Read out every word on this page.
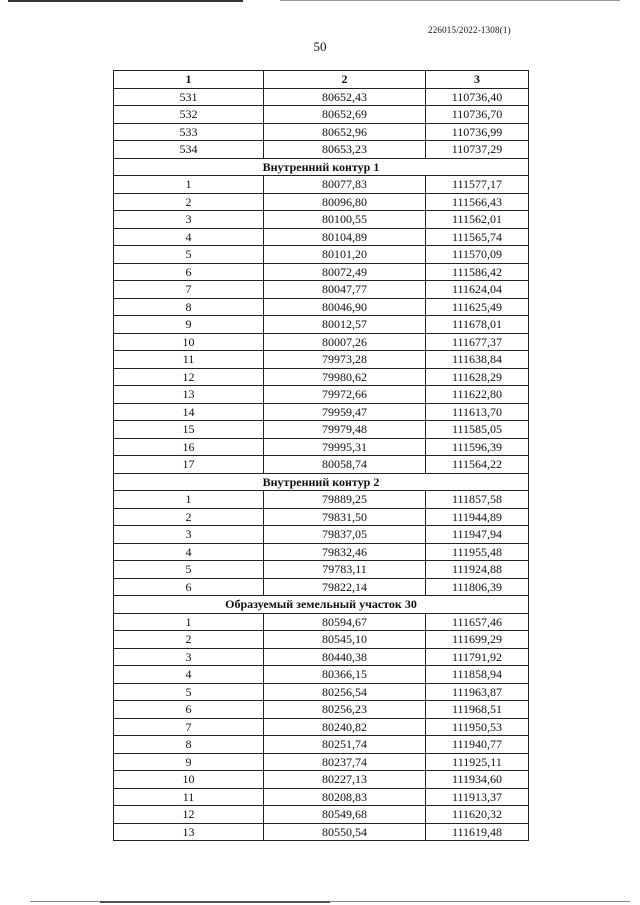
226015/2022-1308(1)
50
1	2	3
531	80652,43	110736,40
532	80652,69	110736,70
533	80652,96	110736,99
534	80653,23	110737,29
Внутренний контур 1		
1	80077,83	111577,17
2	80096,80	111566,43
3	80100,55	111562,01
4	80104,89	111565,74
5	80101,20	111570,09
6	80072,49	111586,42
7	80047,77	111624,04
8	80046,90	111625,49
9	80012,57	111678,01
10	80007,26	111677,37
11	79973,28	111638,84
12	79980,62	111628,29
13	79972,66	111622,80
14	79959,47	111613,70
15	79979,48	111585,05
16	79995,31	111596,39
17	80058,74	111564,22
Внутренний контур 2		
1	79889,25	111857,58
2	79831,50	111944,89
3	79837,05	111947,94
4	79832,46	111955,48
5	79783,11	111924,88
6	79822,14	111806,39
Образуемый земельный участок 30		
1	80594,67	111657,46
2	80545,10	111699,29
3	80440,38	111791,92
4	80366,15	111858,94
5	80256,54	111963,87
6	80256,23	111968,51
7	80240,82	111950,53
8	80251,74	111940,77
9	80237,74	111925,11
10	80227,13	111934,60
11	80208,83	111913,37
12	80549,68	111620,32
13	80550,54	111619,48
